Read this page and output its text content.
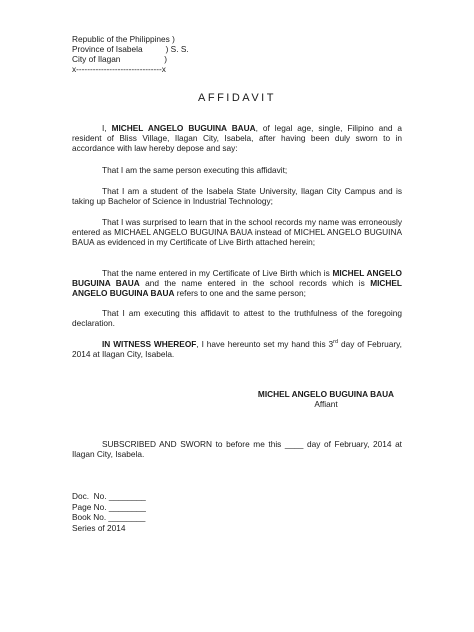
Republic of the Philippines )
Province of Isabela          ) S. S.
City of Ilagan                   )
x-------------------------------x
AFFIDAVIT
I, MICHEL ANGELO BUGUINA BAUA, of legal age, single, Filipino and a resident of Bliss Village, Ilagan City, Isabela, after having been duly sworn to in accordance with law hereby depose and say:
That I am the same person executing this affidavit;
That I am a student of the Isabela State University, Ilagan City Campus and is taking up Bachelor of Science in Industrial Technology;
That I was surprised to learn that in the school records my name was erroneously entered as MICHAEL ANGELO BUGUINA BAUA instead of MICHEL ANGELO BUGUINA BAUA as evidenced in my Certificate of Live Birth attached herein;
That the name entered in my Certificate of Live Birth which is MICHEL ANGELO BUGUINA BAUA and the name entered in the school records which is MICHEL ANGELO BUGUINA BAUA refers to one and the same person;
That I am executing this affidavit to attest to the truthfulness of the foregoing declaration.
IN WITNESS WHEREOF, I have hereunto set my hand this 3rd day of February, 2014 at Ilagan City, Isabela.
MICHEL ANGELO BUGUINA BAUA
Affiant
SUBSCRIBED AND SWORN to before me this ____ day of February, 2014 at Ilagan City, Isabela.
Doc.  No. ________
Page No. ________
Book No. ________
Series of 2014
